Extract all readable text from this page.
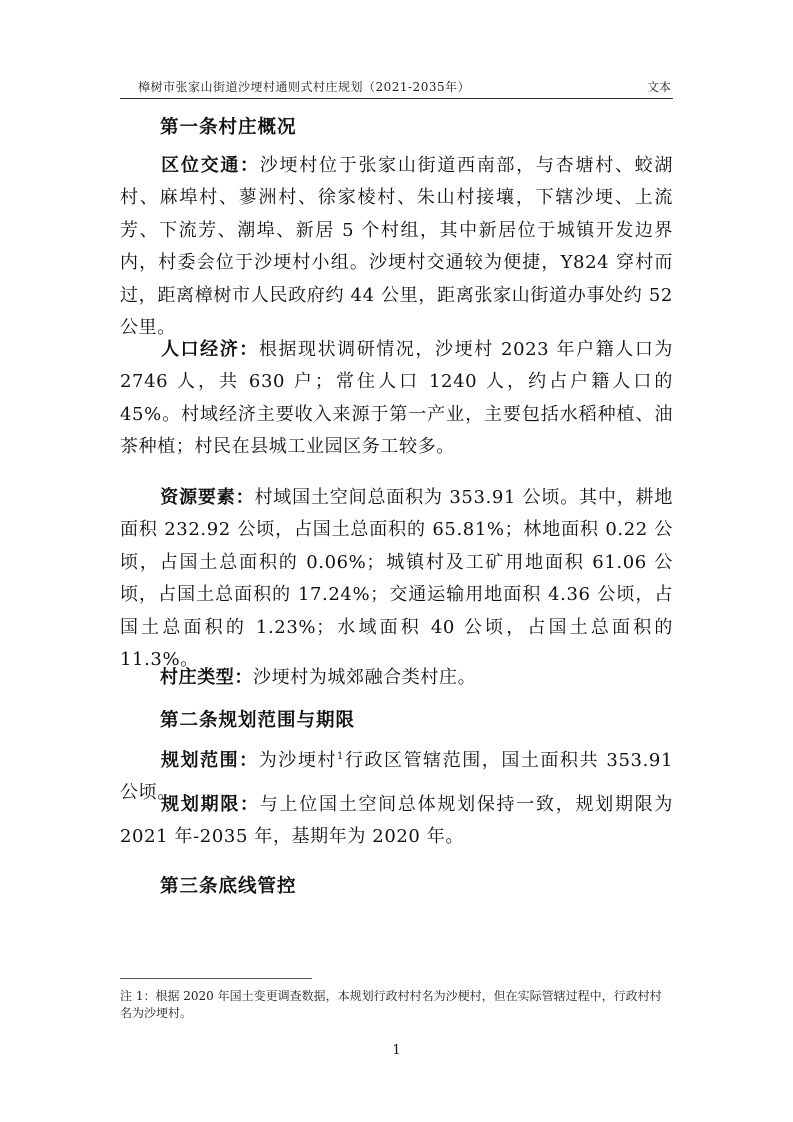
樟树市张家山街道沙埂村通则式村庄规划（2021-2035年）	文本
第一条村庄概况
区位交通：沙埂村位于张家山街道西南部，与杏塘村、蛟湖村、麻埠村、蓼洲村、徐家棱村、朱山村接壤，下辖沙埂、上流芳、下流芳、潮埠、新居 5 个村组，其中新居位于城镇开发边界内，村委会位于沙埂村小组。沙埂村交通较为便捷，Y824 穿村而过，距离樟树市人民政府约 44 公里，距离张家山街道办事处约 52 公里。
人口经济：根据现状调研情况，沙埂村 2023 年户籍人口为 2746 人，共 630 户；常住人口 1240 人，约占户籍人口的 45%。村域经济主要收入来源于第一产业，主要包括水稻种植、油茶种植；村民在县城工业园区务工较多。
资源要素：村域国土空间总面积为 353.91 公顷。其中，耕地面积 232.92 公顷，占国土总面积的 65.81%；林地面积 0.22 公顷，占国土总面积的 0.06%；城镇村及工矿用地面积 61.06 公顷，占国土总面积的 17.24%；交通运输用地面积 4.36 公顷，占国土总面积的 1.23%；水域面积 40 公顷，占国土总面积的 11.3%。
村庄类型：沙埂村为城郊融合类村庄。
第二条规划范围与期限
规划范围：为沙埂村$^1$行政区管辖范围，国土面积共 353.91 公顷。
规划期限：与上位国土空间总体规划保持一致，规划期限为 2021 年-2035 年，基期年为 2020 年。
第三条底线管控
注 1：根据 2020 年国土变更调查数据，本规划行政村村名为沙梗村，但在实际管辖过程中，行政村村名为沙埂村。
1
